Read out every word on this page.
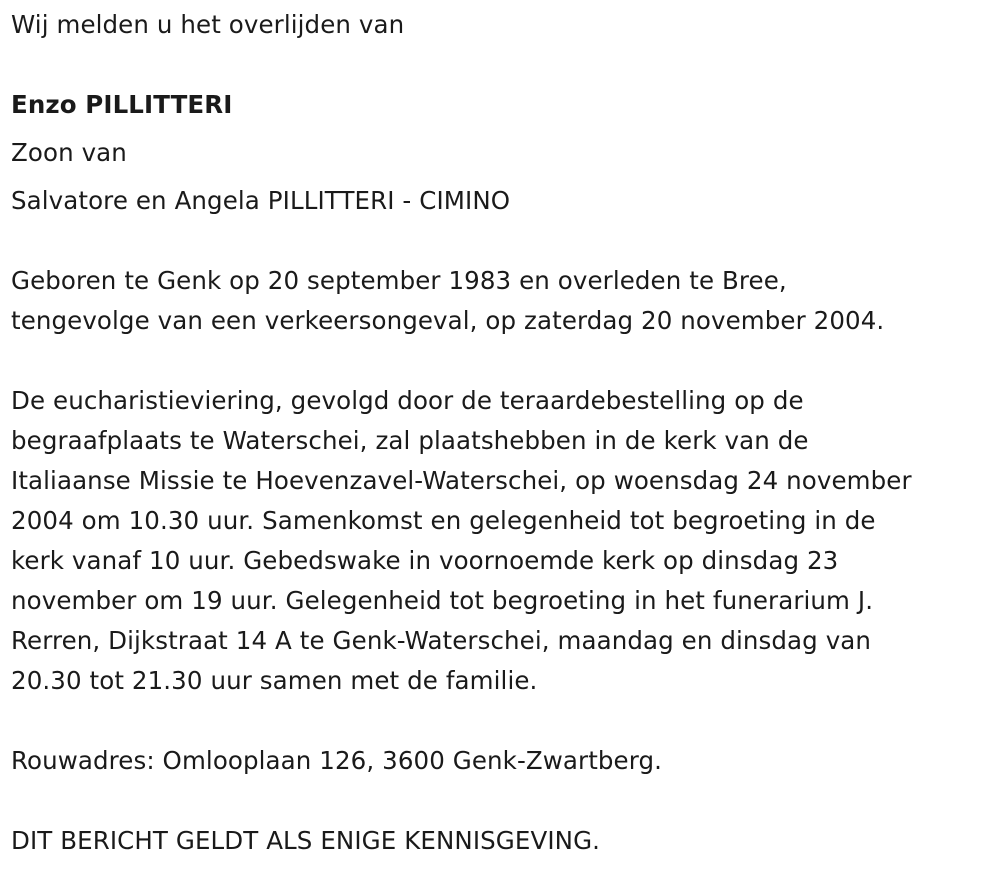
Wij melden u het overlijden van
Enzo PILLITTERI
Zoon van
Salvatore en Angela PILLITTERI - CIMINO
Geboren te Genk op 20 september 1983 en overleden te Bree,
tengevolge van een verkeersongeval, op zaterdag 20 november 2004.
De eucharistieviering, gevolgd door de teraardebestelling op de
begraafplaats te Waterschei, zal plaatshebben in de kerk van de
Italiaanse Missie te Hoevenzavel-Waterschei, op woensdag 24 november
2004 om 10.30 uur. Samenkomst en gelegenheid tot begroeting in de
kerk vanaf 10 uur. Gebedswake in voornoemde kerk op dinsdag 23
november om 19 uur. Gelegenheid tot begroeting in het funerarium J.
Rerren, Dijkstraat 14 A te Genk-Waterschei, maandag en dinsdag van
20.30 tot 21.30 uur samen met de familie.
Rouwadres: Omlooplaan 126, 3600 Genk-Zwartberg.
DIT BERICHT GELDT ALS ENIGE KENNISGEVING.
